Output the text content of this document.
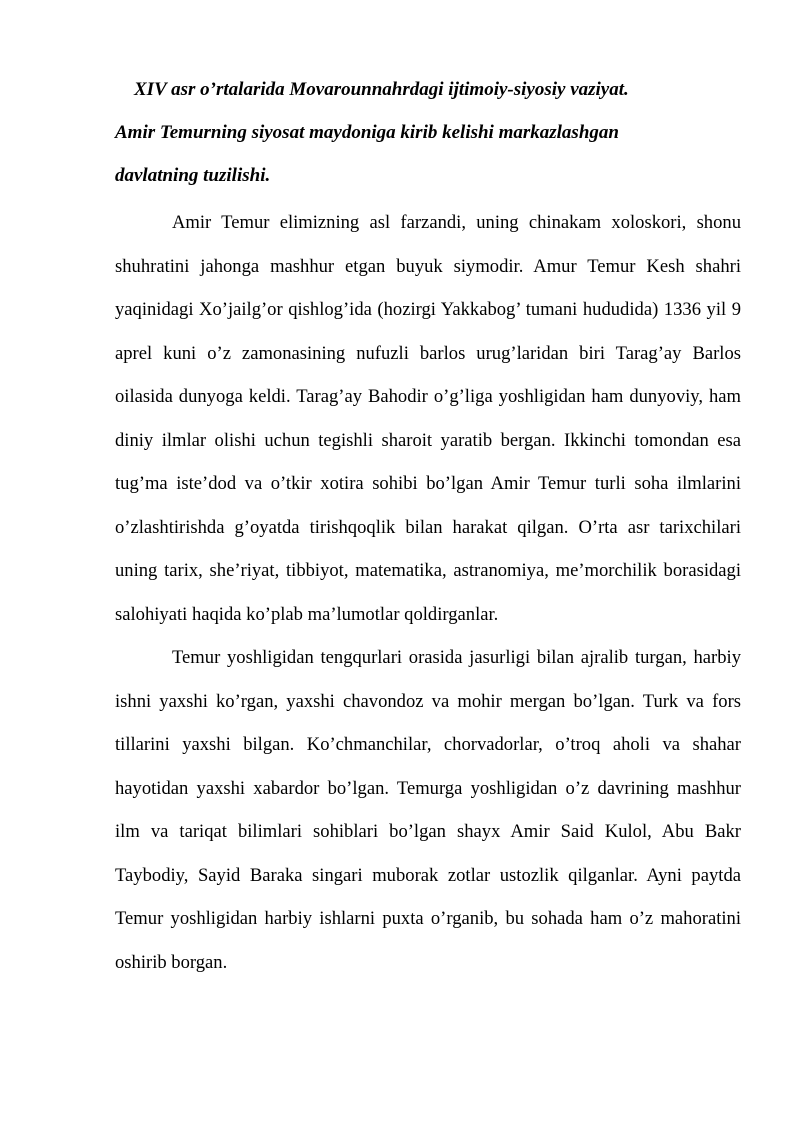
XIV asr o’rtalarida Movarounnahrdagi ijtimoiy-siyosiy vaziyat.
Amir Temurning siyosat maydoniga kirib kelishi markazlashgan
davlatning tuzilishi.

Amir Temur elimizning asl farzandi, uning chinakam xoloskori, shonu shuhratini jahonga mashhur etgan buyuk siymodir. Amur Temur Kesh shahri yaqinidagi Xo’jailg’or qishlog’ida (hozirgi Yakkabog’ tumani hududida) 1336 yil 9 aprel kuni o’z zamonasining nufuzli barlos urug’laridan biri Tarag’ay Barlos oilasida dunyoga keldi. Tarag’ay Bahodir o’g’liga yoshligidan ham dunyoviy, ham diniy ilmlar olishi uchun tegishli sharoit yaratib bergan. Ikkinchi tomondan esa tug’ma iste’dod va o’tkir xotira sohibi bo’lgan Amir Temur turli soha ilmlarini o’zlashtirishda g’oyatda tirishqoqlik bilan harakat qilgan. O’rta asr tarixchilari uning tarix, she’riyat, tibbiyot, matematika, astranomiya, me’morchilik borasidagi salohiyati haqida ko’plab ma’lumotlar qoldirganlar.

Temur yoshligidan tengqurlari orasida jasurligi bilan ajralib turgan, harbiy ishni yaxshi ko’rgan, yaxshi chavondoz va mohir mergan bo’lgan. Turk va fors tillarini yaxshi bilgan. Ko’chmanchilar, chorvadorlar, o’troq aholi va shahar hayotidan yaxshi xabardor bo’lgan. Temurga yoshligidan o’z davrining mashhur ilm va tariqat bilimlari sohiblari bo’lgan shayx Amir Said Kulol, Abu Bakr Taybodiy, Sayid Baraka singari muborak zotlar ustozlik qilganlar. Ayni paytda Temur yoshligidan harbiy ishlarni puxta o’rganib, bu sohada ham o’z mahoratini oshirib borgan.
